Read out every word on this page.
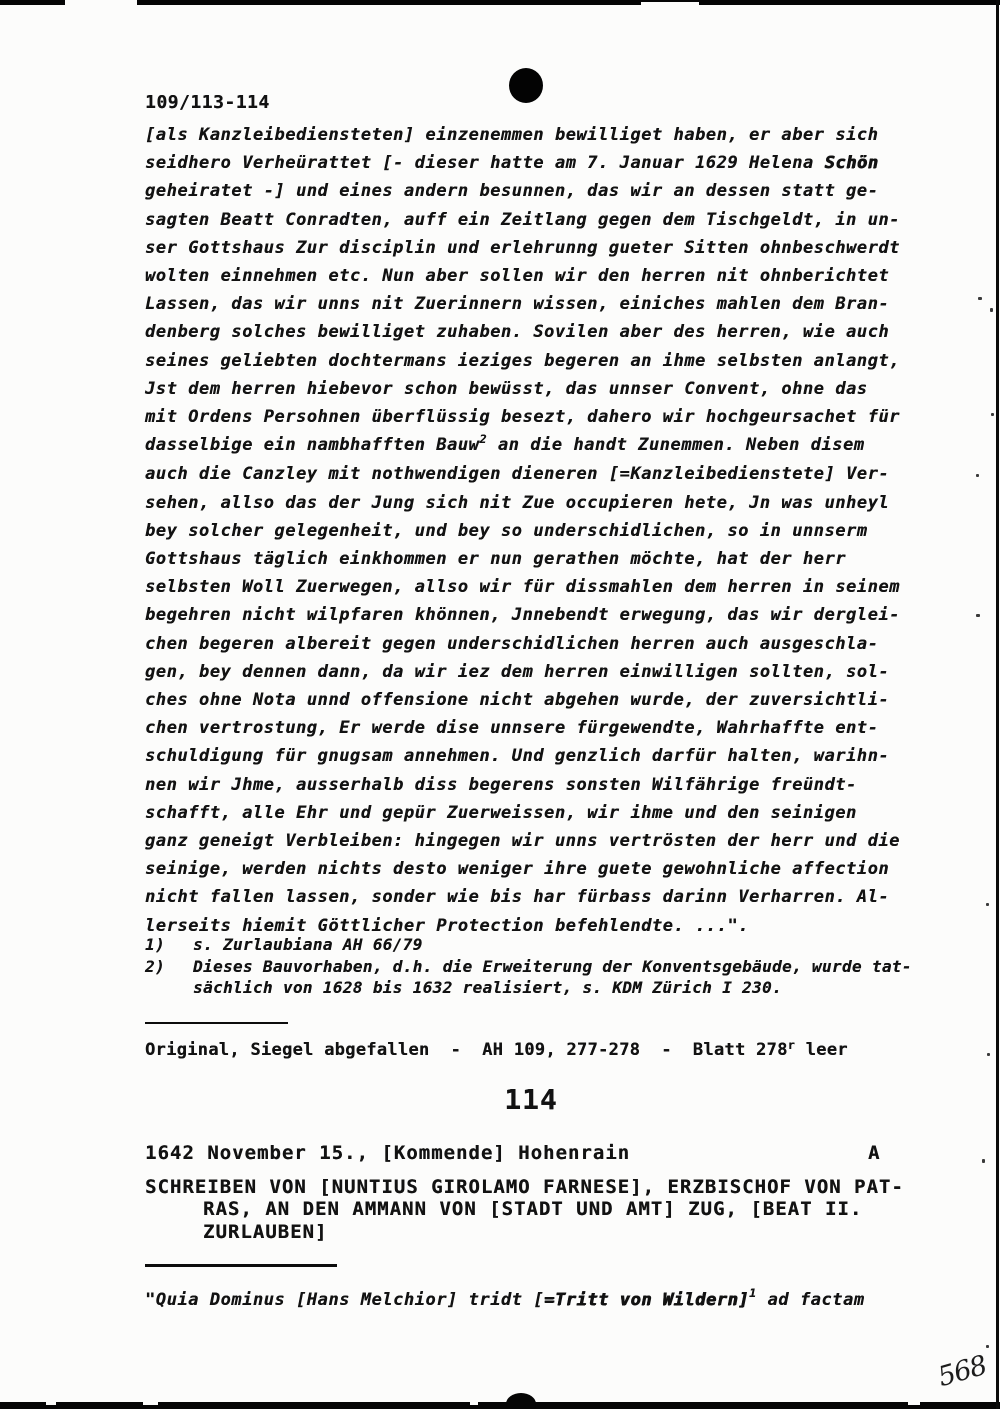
109/113-114
[als Kanzleibediensteten] einzenemmen bewilliget haben, er aber sich
seidhero Verheürattet [- dieser hatte am 7. Januar 1629 Helena Schön
geheiratet -] und eines andern besunnen, das wir an dessen statt ge-
sagten Beatt Conradten, auff ein Zeitlang gegen dem Tischgeldt, in un-
ser Gottshaus Zur disciplin und erlehrunng gueter Sitten ohnbeschwerdt
wolten einnehmen etc. Nun aber sollen wir den herren nit ohnberichtet
Lassen, das wir unns nit Zuerinnern wissen, einiches mahlen dem Bran-
denberg solches bewilliget zuhaben. Sovilen aber des herren, wie auch
seines geliebten dochtermans ieziges begeren an ihme selbsten anlangt,
Jst dem herren hiebevor schon bewüsst, das unnser Convent, ohne das
mit Ordens Persohnen überflüssig besezt, dahero wir hochgeursachet für
dasselbige ein nambhafften Bauw$^2$ an die handt Zunemmen. Neben disem
auch die Canzley mit nothwendigen dieneren [=Kanzleibedienstete] Ver-
sehen, allso das der Jung sich nit Zue occupieren hete, Jn was unheyl
bey solcher gelegenheit, und bey so underschidlichen, so in unnserm
Gottshaus täglich einkhommen er nun gerathen möchte, hat der herr
selbsten Woll Zuerwegen, allso wir für dissmahlen dem herren in seinem
begehren nicht wilpfaren khönnen, Jnnebendt erwegung, das wir derglei-
chen begeren albereit gegen underschidlichen herren auch ausgeschla-
gen, bey dennen dann, da wir iez dem herren einwilligen sollten, sol-
ches ohne Nota unnd offensione nicht abgehen wurde, der zuversichtli-
chen vertrostung, Er werde dise unnsere fürgewendte, Wahrhaffte ent-
schuldigung für gnugsam annehmen. Und genzlich darfür halten, warihn-
nen wir Jhme, ausserhalb diss begerens sonsten Wilfährige freündt-
schafft, alle Ehr und gepür Zuerweissen, wir ihme und den seinigen
ganz geneigt Verbleiben: hingegen wir unns vertrösten der herr und die
seinige, werden nichts desto weniger ihre guete gewohnliche affection
nicht fallen lassen, sonder wie bis har fürbass darinn Verharren. Al-
lerseits hiemit Göttlicher Protection befehlendte. ...".
1)	s. Zurlaubiana AH 66/79
2)	Dieses Bauvorhaben, d.h. die Erweiterung der Konventsgebäude, wurde tat-
sächlich von 1628 bis 1632 realisiert, s. KDM Zürich I 230.
Original, Siegel abgefallen  -  AH 109, 277-278  -  Blatt 278$^r$ leer
114
1642 November 15., [Kommende] Hohenrain	A
SCHREIBEN VON [NUNTIUS GIROLAMO FARNESE], ERZBISCHOF VON PAT-
RAS, AN DEN AMMANN VON [STADT UND AMT] ZUG, [BEAT II.
ZURLAUBEN]
"Quia Dominus [Hans Melchior] tridt [=Tritt von Wildern]$^1$ ad factam
568
